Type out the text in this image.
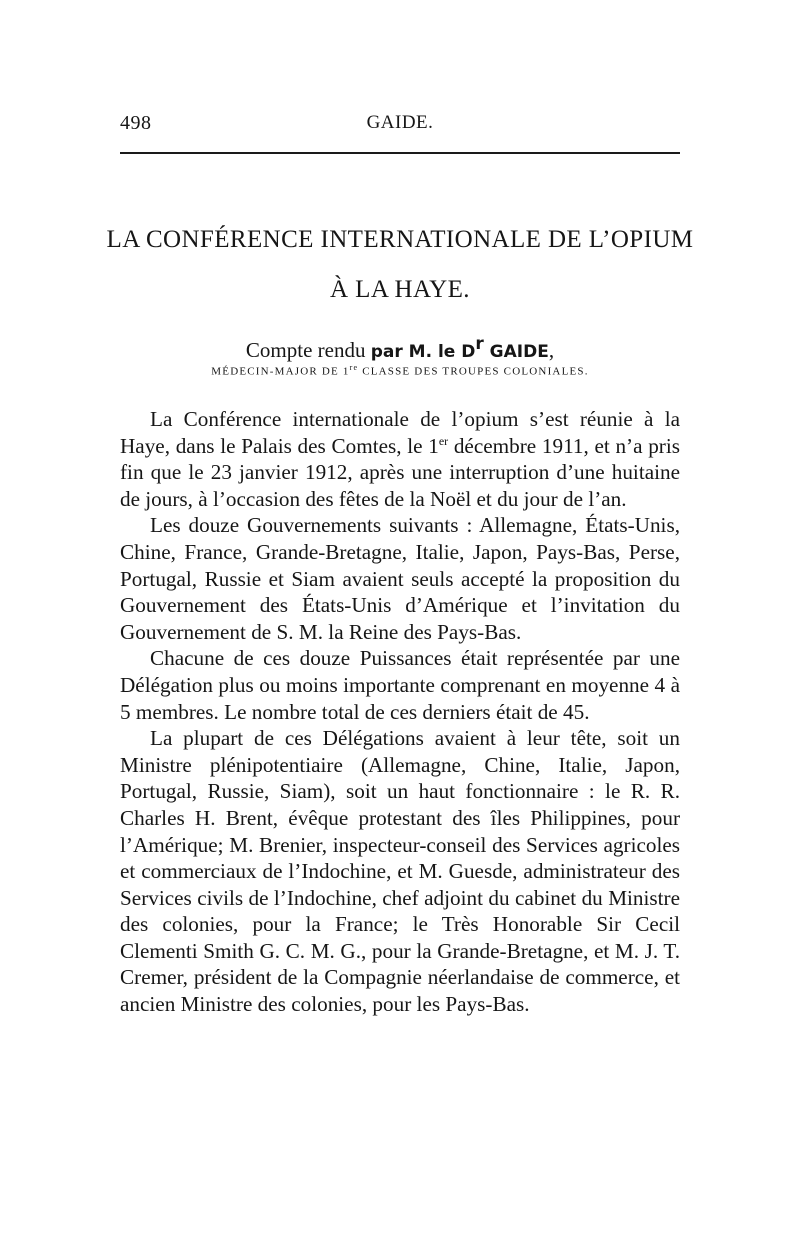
498	GAIDE.
LA CONFÉRENCE INTERNATIONALE DE L’OPIUM
À LA HAYE.
Compte rendu par M. le $D^r$ GAIDE,
MÉDECIN-MAJOR DE 1re CLASSE DES TROUPES COLONIALES.

La Conférence internationale de l’opium s’est réunie à la Haye, dans le Palais des Comtes, le 1er décembre 1911, et n’a pris fin que le 23 janvier 1912, après une interruption d’une huitaine de jours, à l’occasion des fêtes de la Noël et du jour de l’an.

Les douze Gouvernements suivants : Allemagne, États-Unis, Chine, France, Grande-Bretagne, Italie, Japon, Pays-Bas, Perse, Portugal, Russie et Siam avaient seuls accepté la proposition du Gouvernement des États-Unis d’Amérique et l’invitation du Gouvernement de S. M. la Reine des Pays-Bas.

Chacune de ces douze Puissances était représentée par une Délégation plus ou moins importante comprenant en moyenne 4 à 5 membres. Le nombre total de ces derniers était de 45.

La plupart de ces Délégations avaient à leur tête, soit un Ministre plénipotentiaire (Allemagne, Chine, Italie, Japon, Portugal, Russie, Siam), soit un haut fonctionnaire : le R. R. Charles H. Brent, évêque protestant des îles Philippines, pour l’Amérique; M. Brenier, inspecteur-conseil des Services agricoles et commerciaux de l’Indochine, et M. Guesde, administrateur des Services civils de l’Indochine, chef adjoint du cabinet du Ministre des colonies, pour la France; le Très Honorable Sir Cecil Clementi Smith G. C. M. G., pour la Grande-Bretagne, et M. J. T. Cremer, président de la Compagnie néerlandaise de commerce, et ancien Ministre des colonies, pour les Pays-Bas.
